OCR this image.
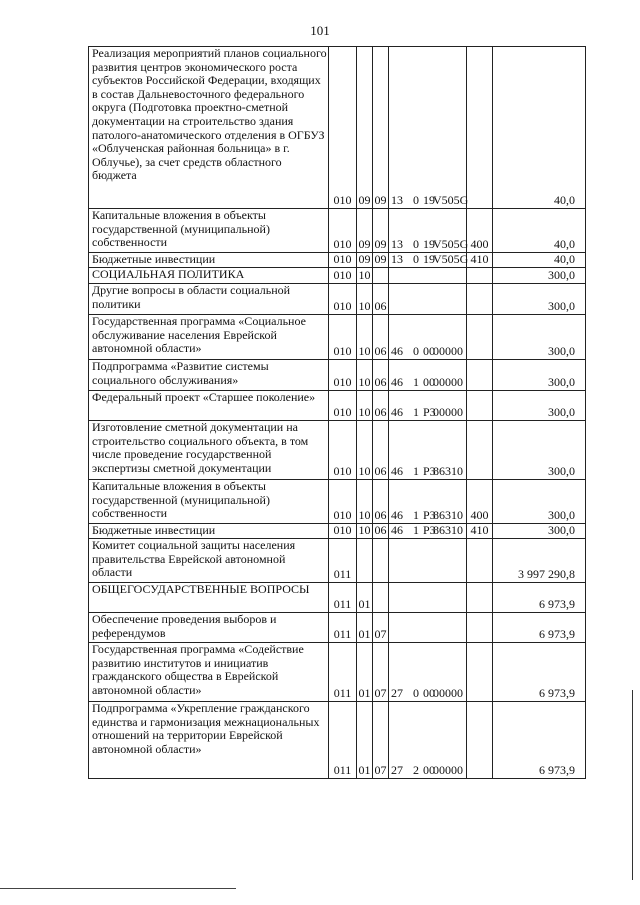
101
Реализация мероприятий планов социального развития центров экономического роста субъектов Российской Федерации, входящих в состав Дальневосточного федерального округа (Подготовка проектно-сметной документации на строительство здания патолого-анатомического отделения в ОГБУЗ «Облученская районная больница» в г. Облучье), за счет средств областного бюджета	010	09	09	13 0 19V505G		40,0
Капитальные вложения в объекты государственной (муниципальной) собственности	010	09	09	13 0 19V505G	400	40,0
Бюджетные инвестиции	010	09	09	13 0 19V505G	410	40,0
СОЦИАЛЬНАЯ ПОЛИТИКА	010	10				300,0
Другие вопросы в области социальной политики	010	10	06			300,0
Государственная программа «Социальное обслуживание населения Еврейской автономной области»	010	10	06	46 0 0000000		300,0
Подпрограмма «Развитие системы социального обслуживания»	010	10	06	46 1 0000000		300,0
Федеральный проект «Старшее поколение»	010	10	06	46 1 P300000		300,0
Изготовление сметной документации на строительство социального объекта, в том числе проведение государственной экспертизы сметной документации	010	10	06	46 1 P386310		300,0
Капитальные вложения в объекты государственной (муниципальной) собственности	010	10	06	46 1 P386310	400	300,0
Бюджетные инвестиции	010	10	06	46 1 P386310	410	300,0
Комитет социальной защиты населения правительства Еврейской автономной области	011					3 997 290,8
ОБЩЕГОСУДАРСТВЕННЫЕ ВОПРОСЫ	011	01				6 973,9
Обеспечение проведения выборов и референдумов	011	01	07			6 973,9
Государственная программа «Содействие развитию институтов и инициатив гражданского общества в Еврейской автономной области»	011	01	07	27 0 0000000		6 973,9
Подпрограмма «Укрепление гражданского единства и гармонизация межнациональных отношений на территории Еврейской автономной области»	011	01	07	27 2 0000000		6 973,9
